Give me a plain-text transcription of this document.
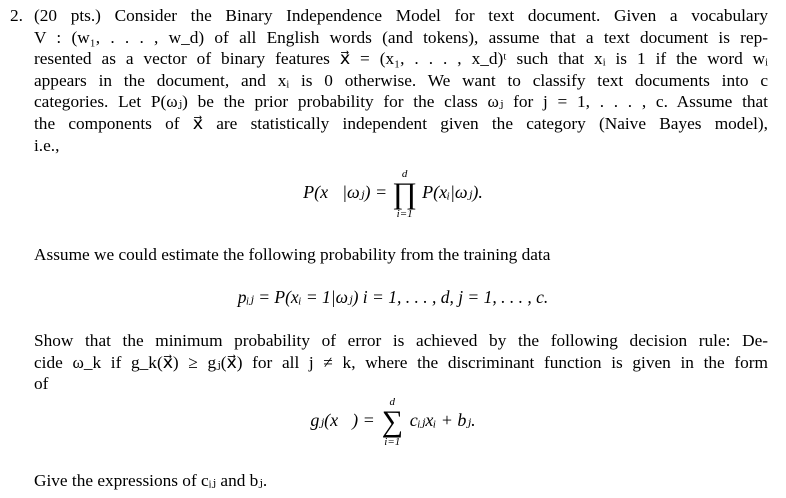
2. (20 pts.) Consider the Binary Independence Model for text document. Given a vocabulary
V : (w₁, . . . , w_d) of all English words (and tokens), assume that a text document is rep-
resented as a vector of binary features x⃗ = (x₁, . . . , x_d)ᵗ such that xᵢ is 1 if the word wᵢ
appears in the document, and xᵢ is 0 otherwise. We want to classify text documents into c
categories. Let P(ωⱼ) be the prior probability for the class ωⱼ for j = 1, . . . , c. Assume that
the components of x⃗ are statistically independent given the category (Naive Bayes model),
i.e.,
P(x⃗|ωⱼ) =
d
∏
i=1
P(xᵢ|ωⱼ).
Assume we could estimate the following probability from the training data
pᵢⱼ = P(xᵢ = 1|ωⱼ) i = 1, . . . , d, j = 1, . . . , c.
Show that the minimum probability of error is achieved by the following decision rule: De-
cide ω_k if g_k(x⃗) ≥ gⱼ(x⃗) for all j ≠ k, where the discriminant function is given in the form
of
gⱼ(x⃗) =
d
∑
i=1
cᵢⱼxᵢ + bⱼ.
Give the expressions of cᵢⱼ and bⱼ.
